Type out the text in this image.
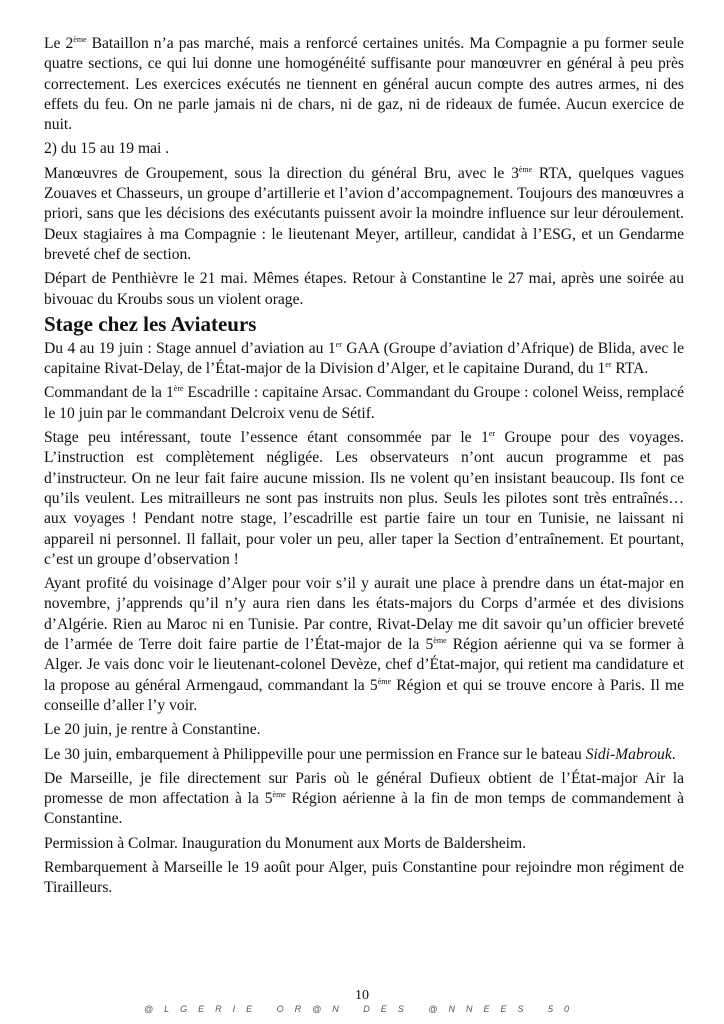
Le 2ème Bataillon n’a pas marché, mais a renforcé certaines unités. Ma Compagnie a pu former seule quatre sections, ce qui lui donne une homogénéité suffisante pour manœuvrer en général à peu près correctement. Les exercices exécutés ne tiennent en général aucun compte des autres armes, ni des effets du feu. On ne parle jamais ni de chars, ni de gaz, ni de rideaux de fumée. Aucun exercice de nuit.

2) du 15 au 19 mai .

Manœuvres de Groupement, sous la direction du général Bru, avec le 3ème RTA, quelques vagues Zouaves et Chasseurs, un groupe d’artillerie et l’avion d’accompagnement. Toujours des manœuvres a priori, sans que les décisions des exécutants puissent avoir la moindre influence sur leur déroulement. Deux stagiaires à ma Compagnie : le lieutenant Meyer, artilleur, candidat à l’ESG, et un Gendarme breveté chef de section.

Départ de Penthièvre le 21 mai. Mêmes étapes. Retour à Constantine le 27 mai, après une soirée au bivouac du Kroubs sous un violent orage.

Stage chez les Aviateurs

Du 4 au 19 juin : Stage annuel d’aviation au 1er GAA (Groupe d’aviation d’Afrique) de Blida, avec le capitaine Rivat-Delay, de l’État-major de la Division d’Alger, et le capitaine Durand, du 1er RTA.

Commandant de la 1ère Escadrille : capitaine Arsac. Commandant du Groupe : colonel Weiss, remplacé le 10 juin par le commandant Delcroix venu de Sétif.

Stage peu intéressant, toute l’essence étant consommée par le 1er Groupe pour des voyages. L’instruction est complètement négligée. Les observateurs n’ont aucun programme et pas d’instructeur. On ne leur fait faire aucune mission. Ils ne volent qu’en insistant beaucoup. Ils font ce qu’ils veulent. Les mitrailleurs ne sont pas instruits non plus. Seuls les pilotes sont très entraînés… aux voyages ! Pendant notre stage, l’escadrille est partie faire un tour en Tunisie, ne laissant ni appareil ni personnel. Il fallait, pour voler un peu, aller taper la Section d’entraînement. Et pourtant, c’est un groupe d’observation !

Ayant profité du voisinage d’Alger pour voir s’il y aurait une place à prendre dans un état-major en novembre, j’apprends qu’il n’y aura rien dans les états-majors du Corps d’armée et des divisions d’Algérie. Rien au Maroc ni en Tunisie. Par contre, Rivat-Delay me dit savoir qu’un officier breveté de l’armée de Terre doit faire partie de l’État-major de la 5ème Région aérienne qui va se former à Alger. Je vais donc voir le lieutenant-colonel Devèze, chef d’État-major, qui retient ma candidature et la propose au général Armengaud, commandant la 5ème Région et qui se trouve encore à Paris. Il me conseille d’aller l’y voir.

Le 20 juin, je rentre à Constantine.

Le 30 juin, embarquement à Philippeville pour une permission en France sur le bateau Sidi-Mabrouk.

De Marseille, je file directement sur Paris où le général Dufieux obtient de l’État-major Air la promesse de mon affectation à la 5ème Région aérienne à la fin de mon temps de commandement à Constantine.

Permission à Colmar. Inauguration du Monument aux Morts de Baldersheim.

Rembarquement à Marseille le 19 août pour Alger, puis Constantine pour rejoindre mon régiment de Tirailleurs.

10
@LGERIE OR@N DES @NNEES 50
